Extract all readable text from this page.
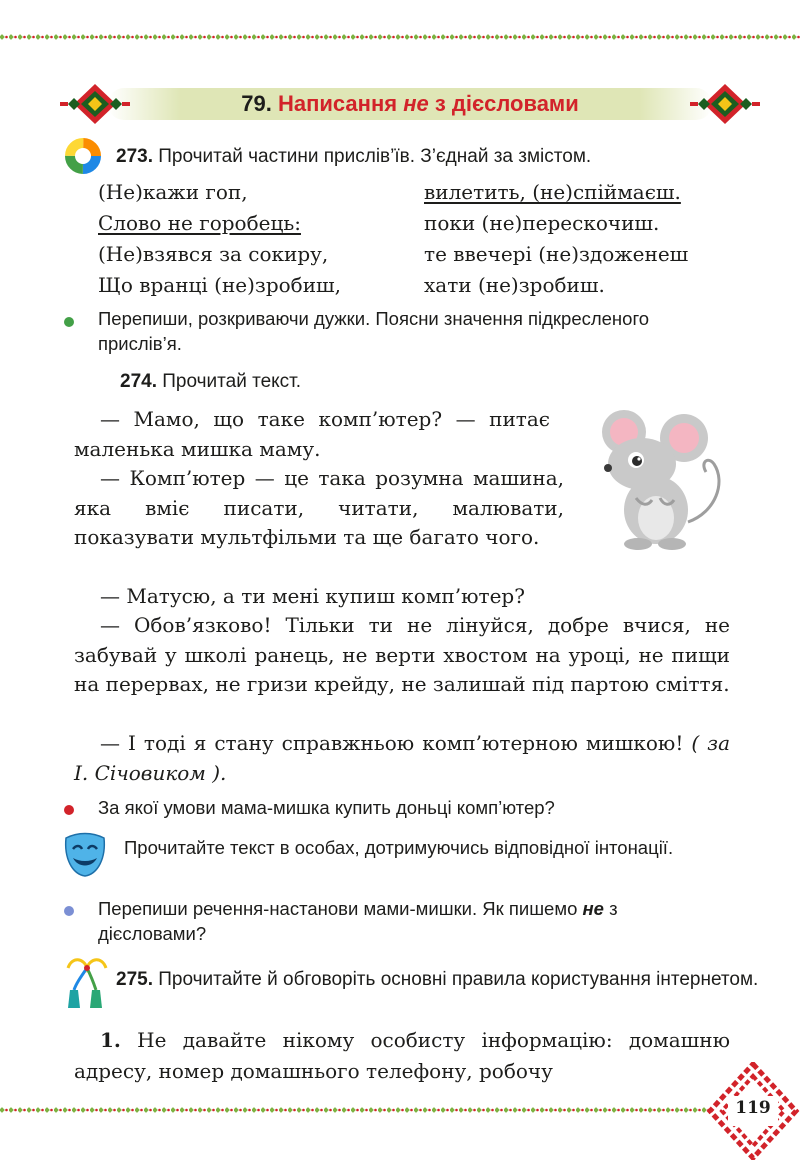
79. Написання не з дієсловами
273. Прочитай частини прислів’їв. З’єднай за змістом.
(Не)кажи гоп,
Слово не горобець:
(Не)взявся за сокиру,
Що вранці (не)зробиш,
вилетить, (не)спіймаєш.
поки (не)перескочиш.
те ввечері (не)здоженеш
хати (не)зробиш.
Перепиши, розкриваючи дужки. Поясни значення підкресленого прислів’я.
274. Прочитай текст.
— Мамо, що таке комп’ютер? — питає маленька мишка маму.
— Комп’ютер — це така розумна машина, яка вміє писати, читати, малювати, показувати мультфільми та ще багато чого.
— Матусю, а ти мені купиш комп’ютер?
— Обов’язково! Тільки ти не лінуйся, добре вчися, не забувай у школі ранець, не верти хвостом на уроці, не пищи на перервах, не гризи крейду, не залишай під партою сміття.
— І тоді я стану справжньою комп’ютерною мишкою! ( за І. Січовиком ).
За якої умови мама-мишка купить доньці комп’ютер?
Прочитайте текст в особах, дотримуючись відповідної інтонації.
Перепиши речення-настанови мами-мишки. Як пишемо не з дієсловами?
275. Прочитайте й обговоріть основні правила користування інтернетом.
1. Не давайте нікому особисту інформацію: домашню адресу, номер домашнього телефону, робочу
119
